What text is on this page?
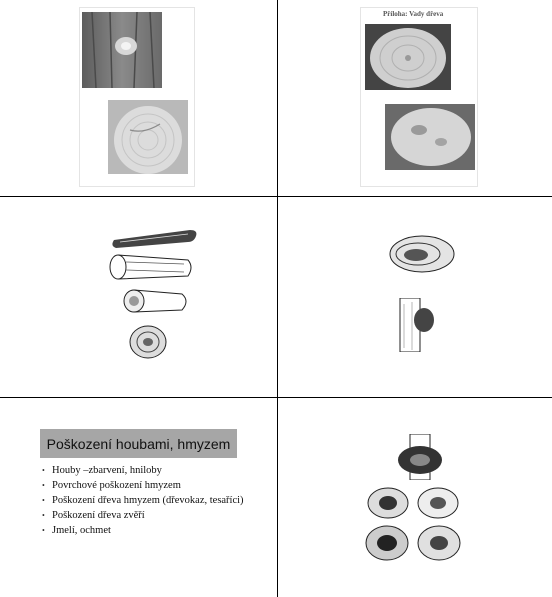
Příloha: Vady dřeva
Poškození houbami, hmyzem
• Houby –zbarvení, hniloby
• Povrchové poškození hmyzem
• Poškození dřeva hmyzem (dřevokaz, tesaříci)
• Poškození dřeva zvěří
• Jmelí, ochmet
